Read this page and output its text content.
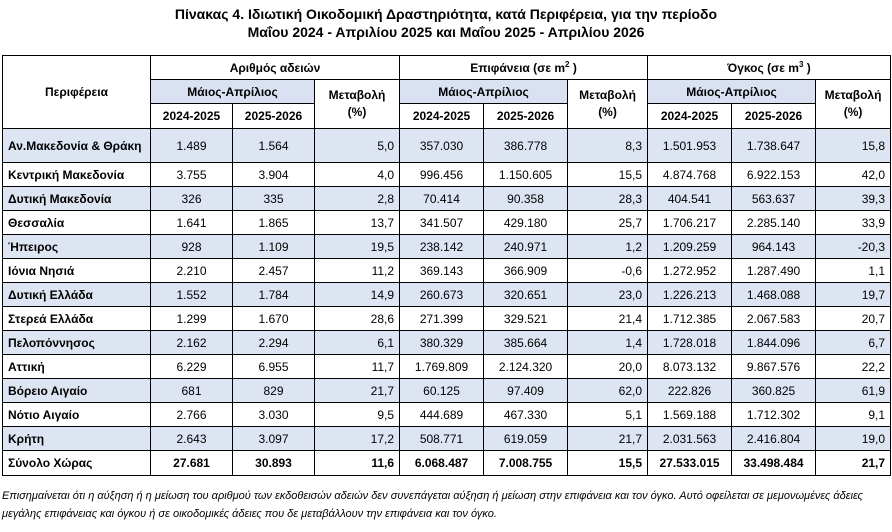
Πίνακας 4. Ιδιωτική Οικοδομική Δραστηριότητα, κατά Περιφέρεια, για την περίοδο
Μαΐου 2024 - Απριλίου 2025 και Μαΐου 2025 - Απριλίου 2026
Περιφέρεια	Αριθμός αδειών			Επιφάνεια (σε $m^2$ )			Όγκος (σε $m^3$ )		
	Μάιος-Απρίλιος		Μεταβολή
(%)	Μάιος-Απρίλιος		Μεταβολή
(%)	Μάιος-Απρίλιος		Μεταβολή
(%)
	2024-2025	2025-2026		2024-2025	2025-2026		2024-2025	2025-2026	
Αν.Μακεδονία & Θράκη	1.489	1.564	5,0	357.030	386.778	8,3	1.501.953	1.738.647	15,8
Κεντρική Μακεδονία	3.755	3.904	4,0	996.456	1.150.605	15,5	4.874.768	6.922.153	42,0
Δυτική Μακεδονία	326	335	2,8	70.414	90.358	28,3	404.541	563.637	39,3
Θεσσαλία	1.641	1.865	13,7	341.507	429.180	25,7	1.706.217	2.285.140	33,9
Ήπειρος	928	1.109	19,5	238.142	240.971	1,2	1.209.259	964.143	-20,3
Ιόνια Νησιά	2.210	2.457	11,2	369.143	366.909	-0,6	1.272.952	1.287.490	1,1
Δυτική Ελλάδα	1.552	1.784	14,9	260.673	320.651	23,0	1.226.213	1.468.088	19,7
Στερεά Ελλάδα	1.299	1.670	28,6	271.399	329.521	21,4	1.712.385	2.067.583	20,7
Πελοπόννησος	2.162	2.294	6,1	380.329	385.664	1,4	1.728.018	1.844.096	6,7
Αττική	6.229	6.955	11,7	1.769.809	2.124.320	20,0	8.073.132	9.867.576	22,2
Βόρειο Αιγαίο	681	829	21,7	60.125	97.409	62,0	222.826	360.825	61,9
Νότιο Αιγαίο	2.766	3.030	9,5	444.689	467.330	5,1	1.569.188	1.712.302	9,1
Κρήτη	2.643	3.097	17,2	508.771	619.059	21,7	2.031.563	2.416.804	19,0
Σύνολο Χώρας	27.681	30.893	11,6	6.068.487	7.008.755	15,5	27.533.015	33.498.484	21,7
Επισημαίνεται ότι η αύξηση ή η μείωση του αριθμού των εκδοθεισών αδειών δεν συνεπάγεται αύξηση ή μείωση στην επιφάνεια και τον όγκο. Αυτό οφείλεται σε μεμονωμένες άδειες μεγάλης επιφάνειας και όγκου ή σε οικοδομικές άδειες που δε μεταβάλλουν την επιφάνεια και τον όγκο.
